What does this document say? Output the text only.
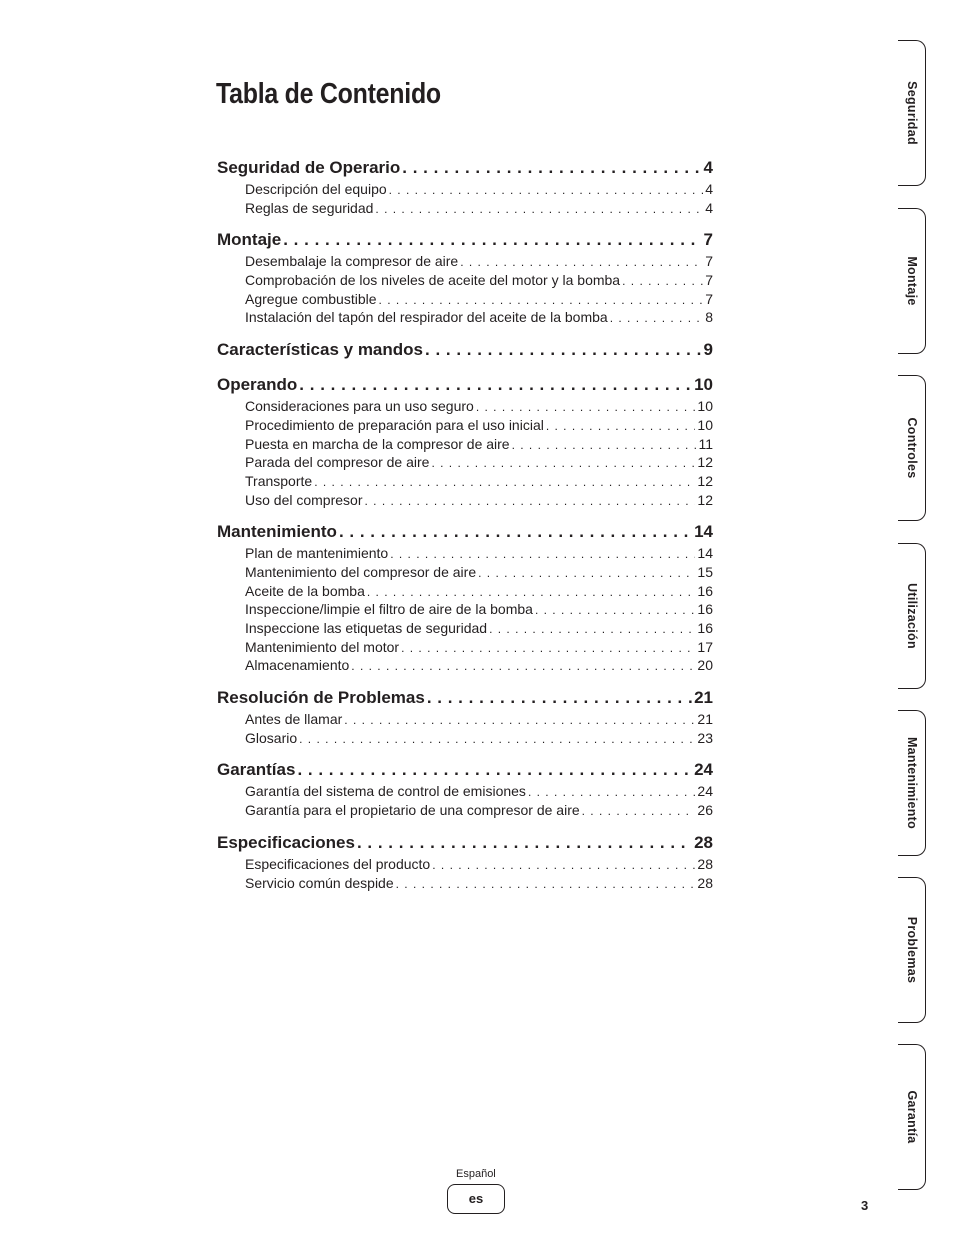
Tabla de Contenido
Seguridad de Operario . . .	4
Descripción del equipo . . .	4
Reglas de seguridad . . .	4
Montaje . . .	7
Desembalaje la compresor de aire . . .	7
Comprobación de los niveles de aceite del motor y la bomba . . .	7
Agregue combustible . . .	7
Instalación del tapón del respirador del aceite de la bomba . . .	8
Características y mandos . . .	9
Operando . . .	10
Consideraciones para un uso seguro . . .	10
Procedimiento de preparación para el uso inicial . . .	10
Puesta en marcha de la compresor de aire . . .	11
Parada del compresor de aire . . .	12
Transporte . . .	12
Uso del compresor . . .	12
Mantenimiento . . .	14
Plan de mantenimiento . . .	14
Mantenimiento del compresor de aire . . .	15
Aceite de la bomba . . .	16
Inspeccione/limpie el filtro de aire de la bomba . . .	16
Inspeccione las etiquetas de seguridad . . .	16
Mantenimiento del motor . . .	17
Almacenamiento . . .	20
Resolución de Problemas . . .	21
Antes de llamar . . .	21
Glosario . . .	23
Garantías . . .	24
Garantía del sistema de control de emisiones . . .	24
Garantía para el propietario de una compresor de aire . . .	26
Especificaciones . . .	28
Especificaciones del producto . . .	28
Servicio común despide . . .	28
Seguridad
Montaje
Controles
Utilización
Mantenimiento
Problemas
Garantía
Español
es	3
